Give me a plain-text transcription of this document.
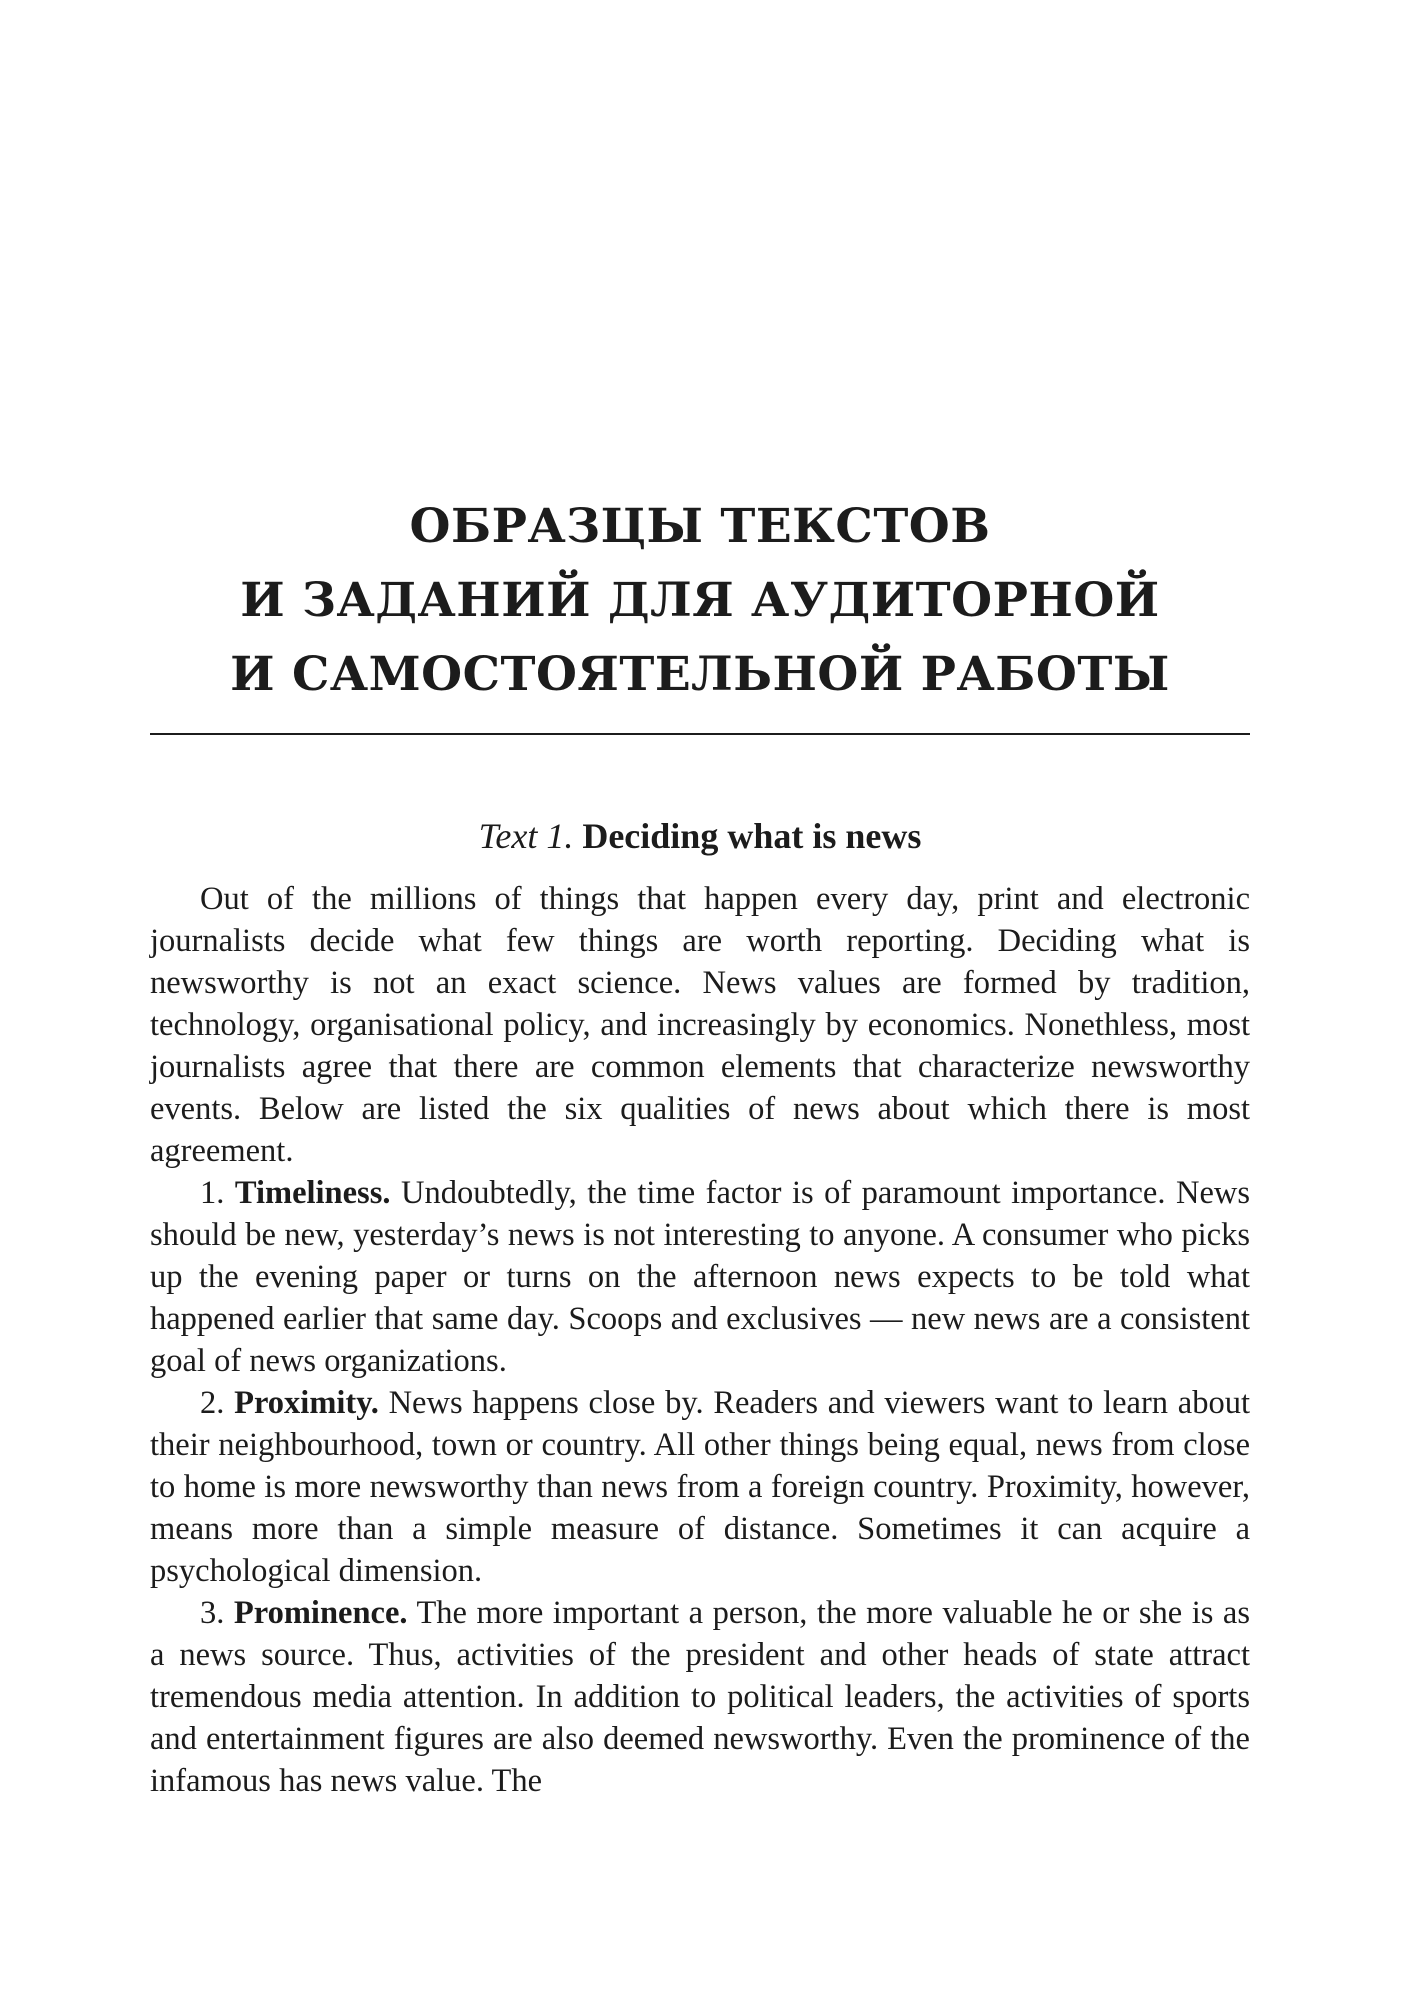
ОБРАЗЦЫ ТЕКСТОВ
И ЗАДАНИЙ ДЛЯ АУДИТОРНОЙ
И САМОСТОЯТЕЛЬНОЙ РАБОТЫ
Text 1. Deciding what is news

Out of the millions of things that happen every day, print and electronic journalists decide what few things are worth reporting. Deciding what is newsworthy is not an exact science. News values are formed by tradition, technology, organisational policy, and increasingly by economics. Nonethless, most journalists agree that there are common elements that characterize newsworthy events. Below are listed the six qualities of news about which there is most agreement.

1. Timeliness. Undoubtedly, the time factor is of paramount importance. News should be new, yesterday’s news is not interesting to anyone. A consumer who picks up the evening paper or turns on the afternoon news expects to be told what happened earlier that same day. Scoops and exclusives — new news are a consistent goal of news organizations.

2. Proximity. News happens close by. Readers and viewers want to learn about their neighbourhood, town or country. All other things being equal, news from close to home is more newsworthy than news from a foreign country. Proximity, however, means more than a simple measure of distance. Sometimes it can acquire a psychological dimension.

3. Prominence. The more important a person, the more valuable he or she is as a news source. Thus, activities of the president and other heads of state attract tremendous media attention. In addition to political leaders, the activities of sports and entertainment figures are also deemed newsworthy. Even the prominence of the infamous has news value. The
